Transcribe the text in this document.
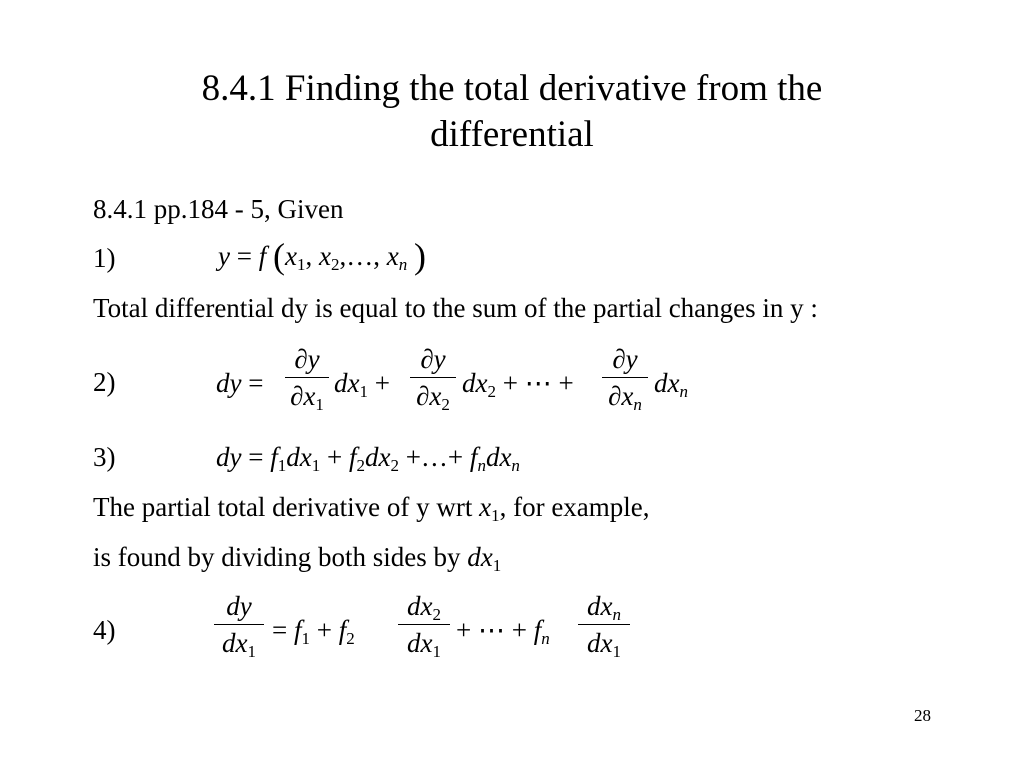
8.4.1 Finding the total derivative from the
differential
8.4.1 pp.184 - 5, Given
1)	y = f ($x_1$, $x_2,\dots$, $x_n$ )
Total differential dy is equal to the sum of the partial changes in y :
2)	dy =
∂y
$\partial x_1$
$dx_1$ +
∂y
$\partial x_2$
$dx_2$ + ⋯ +
∂y
$\partial x_n$
$dx_n$
3)	dy = $f_1dx_1 + f_2dx_2$ +…+ $f_ndx_n$
The partial total derivative of y wrt $x_1$, for example,
is found by dividing both sides by $dx_1$
4)
dy
$dx_1$
= $f_1 + f_2$
$dx_2$
$dx_1$
+ ⋯ + $f_n$
$dx_n$
$dx_1$
28
